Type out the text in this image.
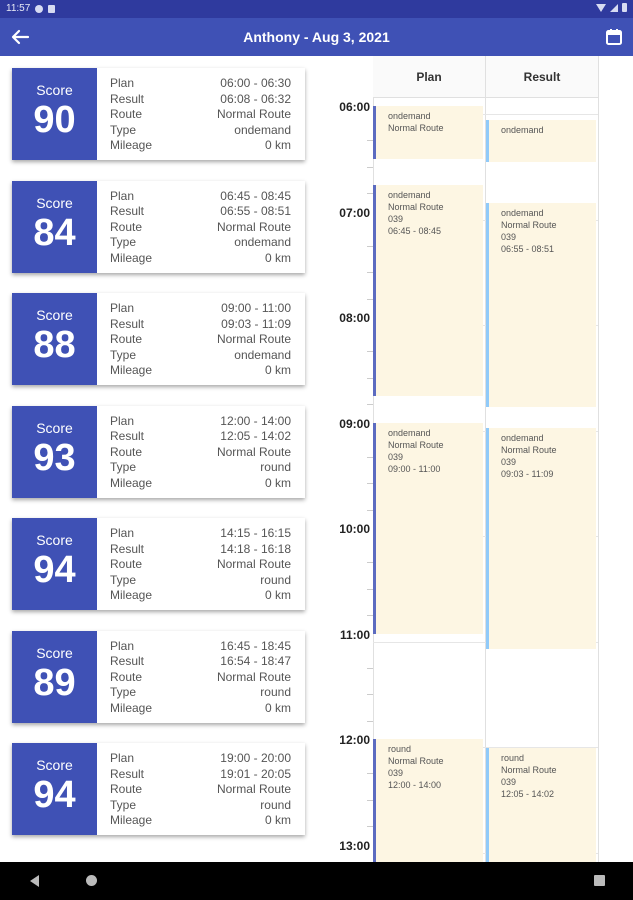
11:57
Anthony - Aug 3, 2021
Score
90
Plan	06:00 - 06:30
Result	06:08 - 06:32
Route	Normal Route
Type	ondemand
Mileage	0 km
Score
84
Plan	06:45 - 08:45
Result	06:55 - 08:51
Route	Normal Route
Type	ondemand
Mileage	0 km
Score
88
Plan	09:00 - 11:00
Result	09:03 - 11:09
Route	Normal Route
Type	ondemand
Mileage	0 km
Score
93
Plan	12:00 - 14:00
Result	12:05 - 14:02
Route	Normal Route
Type	round
Mileage	0 km
Score
94
Plan	14:15 - 16:15
Result	14:18 - 16:18
Route	Normal Route
Type	round
Mileage	0 km
Score
89
Plan	16:45 - 18:45
Result	16:54 - 18:47
Route	Normal Route
Type	round
Mileage	0 km
Score
94
Plan	19:00 - 20:00
Result	19:01 - 20:05
Route	Normal Route
Type	round
Mileage	0 km
Plan	Result
06:00
07:00
08:00
09:00
10:00
11:00
12:00
13:00
ondemand
Normal Route
ondemand
Normal Route
039
06:45 - 08:45
ondemand
Normal Route
039
09:00 - 11:00
round
Normal Route
039
12:00 - 14:00
ondemand
ondemand
Normal Route
039
06:55 - 08:51
ondemand
Normal Route
039
09:03 - 11:09
round
Normal Route
039
12:05 - 14:02
